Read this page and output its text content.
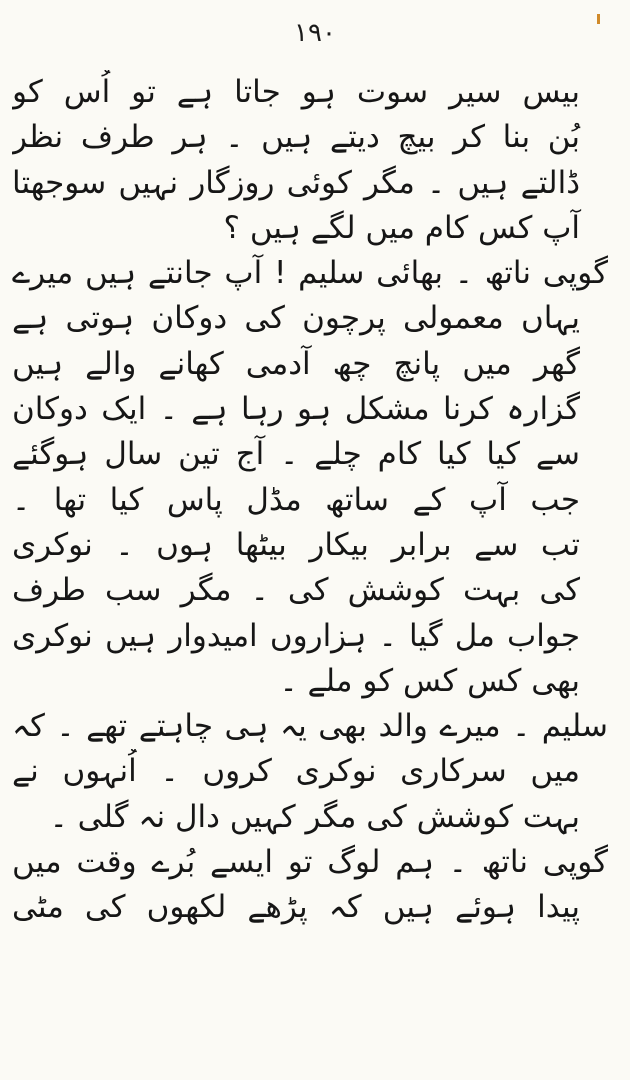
۱۹۰
بیس سیر سوت ہو جاتا ہے تو اُس کو
بُن بنا کر بیچ دیتے ہیں ۔ ہر طرف نظر
ڈالتے ہیں ۔ مگر کوئی روزگار نہیں سوجھتا
آپ کس کام میں لگے ہیں ؟
گوپی ناتھ ۔ بھائی سلیم ! آپ جانتے ہیں میرے
یہاں معمولی پرچون کی دوکان ہوتی ہے
گھر میں پانچ چھ آدمی کھانے والے ہیں
گزارہ کرنا مشکل ہو رہا ہے ۔ ایک دوکان
سے کیا کیا کام چلے ۔ آج تین سال ہوگئے
جب آپ کے ساتھ مڈل پاس کیا تھا ۔
تب سے برابر بیکار بیٹھا ہوں ۔ نوکری
کی بہت کوشش کی ۔ مگر سب طرف
جواب مل گیا ۔ ہزاروں امیدوار ہیں نوکری
بھی کس کس کو ملے ۔
سلیم ۔ میرے والد بھی یہ ہی چاہتے تھے ۔ کہ
میں سرکاری نوکری کروں ۔ اُنہوں نے
بہت کوشش کی مگر کہیں دال نہ گلی ۔
گوپی ناتھ ۔ ہم لوگ تو ایسے بُرے وقت میں
پیدا ہوئے ہیں کہ پڑھے لکھوں کی مٹی
